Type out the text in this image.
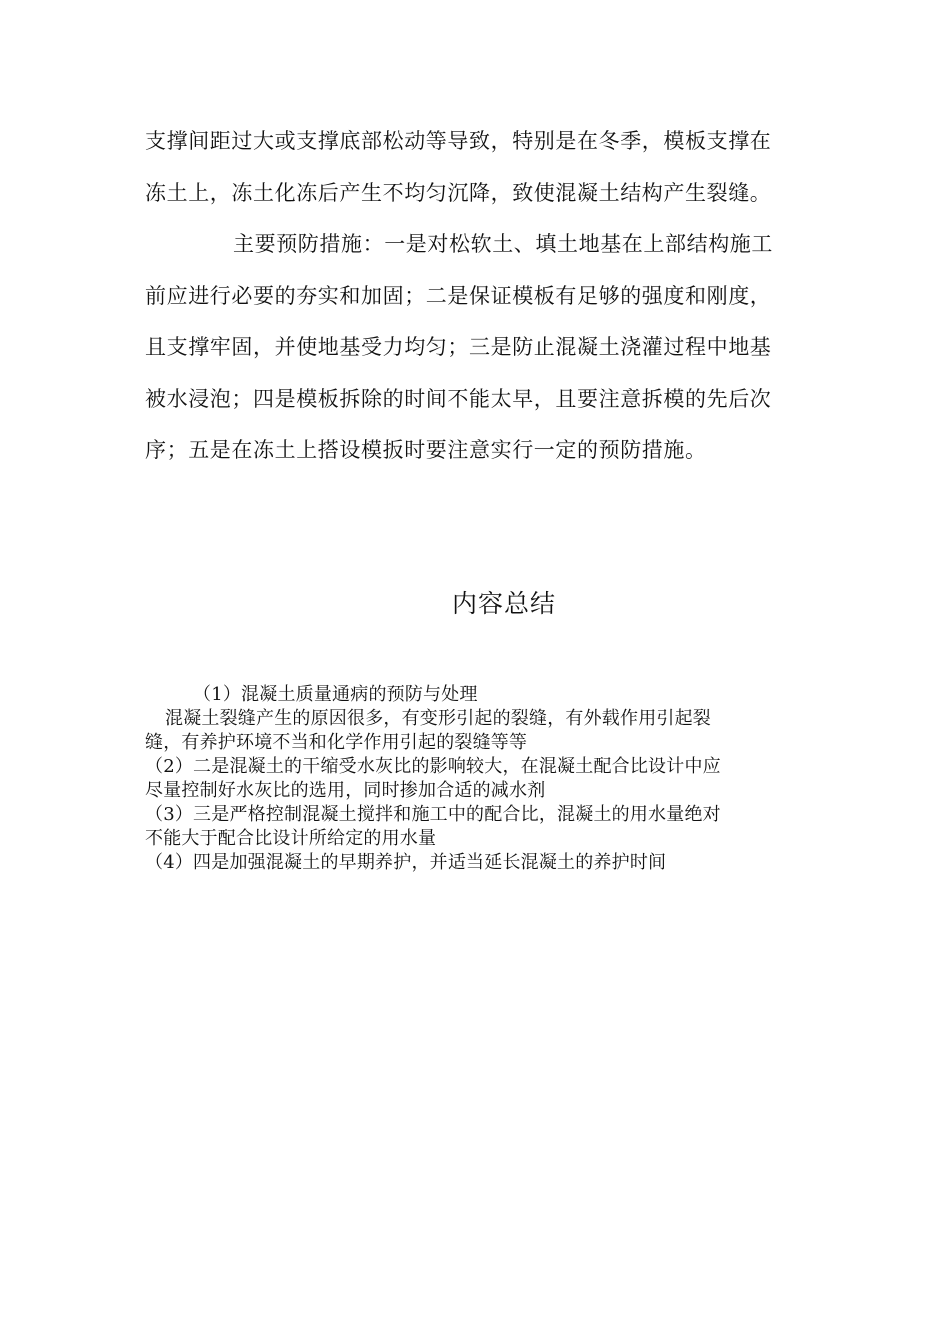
支撑间距过大或支撑底部松动等导致，特别是在冬季，模板支撑在

冻土上，冻土化冻后产生不均匀沉降，致使混凝土结构产生裂缝。

主要预防措施：一是对松软土、填土地基在上部结构施工

前应进行必要的夯实和加固；二是保证模板有足够的强度和刚度，

且支撑牢固，并使地基受力均匀；三是防止混凝土浇灌过程中地基

被水浸泡；四是模板拆除的时间不能太早，且要注意拆模的先后次

序；五是在冻土上搭设模扳时要注意实行一定的预防措施。

内容总结

（1）混凝土质量通病的预防与处理

混凝土裂缝产生的原因很多，有变形引起的裂缝，有外载作用引起裂

缝，有养护环境不当和化学作用引起的裂缝等等

（2）二是混凝土的干缩受水灰比的影响较大，在混凝土配合比设计中应

尽量控制好水灰比的选用，同时掺加合适的减水剂

（3）三是严格控制混凝土搅拌和施工中的配合比，混凝土的用水量绝对

不能大于配合比设计所给定的用水量

（4）四是加强混凝土的早期养护，并适当延长混凝土的养护时间
